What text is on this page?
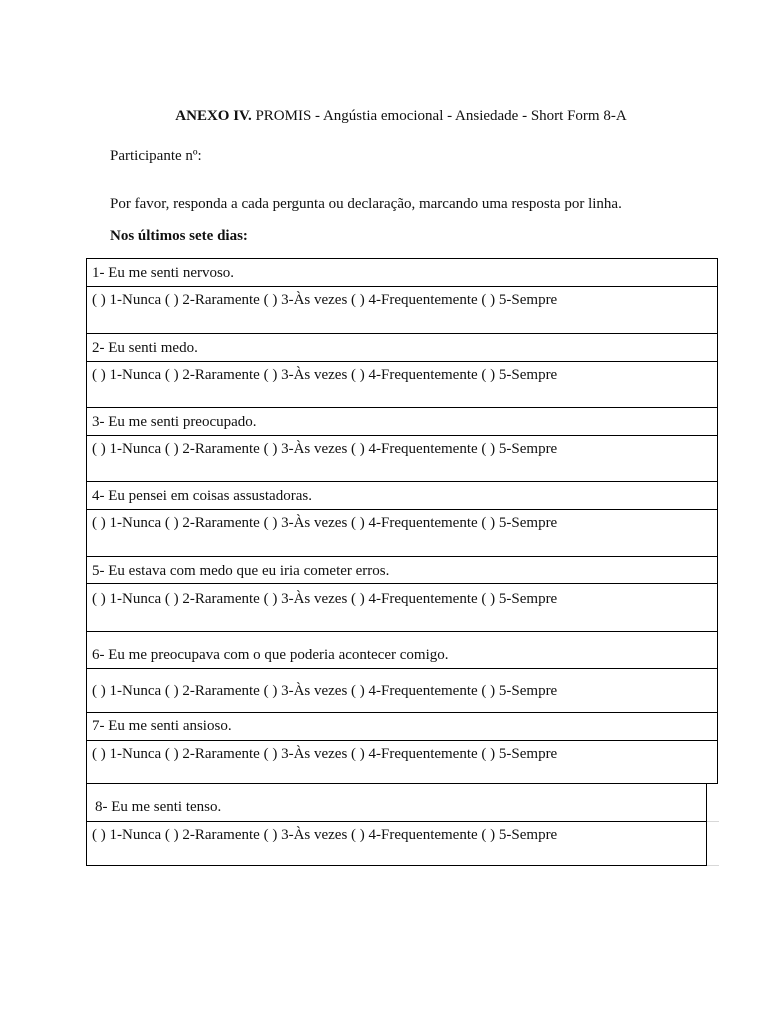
ANEXO IV. PROMIS - Angústia emocional - Ansiedade - Short Form 8-A
Participante nº:
Por favor, responda a cada pergunta ou declaração, marcando uma resposta por linha.
Nos últimos sete dias:
1- Eu me senti nervoso.
( ) 1-Nunca ( ) 2-Raramente ( ) 3-Às vezes ( ) 4-Frequentemente ( ) 5-Sempre
2- Eu senti medo.
( ) 1-Nunca ( ) 2-Raramente ( ) 3-Às vezes ( ) 4-Frequentemente ( ) 5-Sempre
3- Eu me senti preocupado.
( ) 1-Nunca ( ) 2-Raramente ( ) 3-Às vezes ( ) 4-Frequentemente ( ) 5-Sempre
4- Eu pensei em coisas assustadoras.
( ) 1-Nunca ( ) 2-Raramente ( ) 3-Às vezes ( ) 4-Frequentemente ( ) 5-Sempre
5- Eu estava com medo que eu iria cometer erros.
( ) 1-Nunca ( ) 2-Raramente ( ) 3-Às vezes ( ) 4-Frequentemente ( ) 5-Sempre
6- Eu me preocupava com o que poderia acontecer comigo.
( ) 1-Nunca ( ) 2-Raramente ( ) 3-Às vezes ( ) 4-Frequentemente ( ) 5-Sempre
7- Eu me senti ansioso.
( ) 1-Nunca ( ) 2-Raramente ( ) 3-Às vezes ( ) 4-Frequentemente ( ) 5-Sempre
8- Eu me senti tenso.
( ) 1-Nunca ( ) 2-Raramente ( ) 3-Às vezes ( ) 4-Frequentemente ( ) 5-Sempre
